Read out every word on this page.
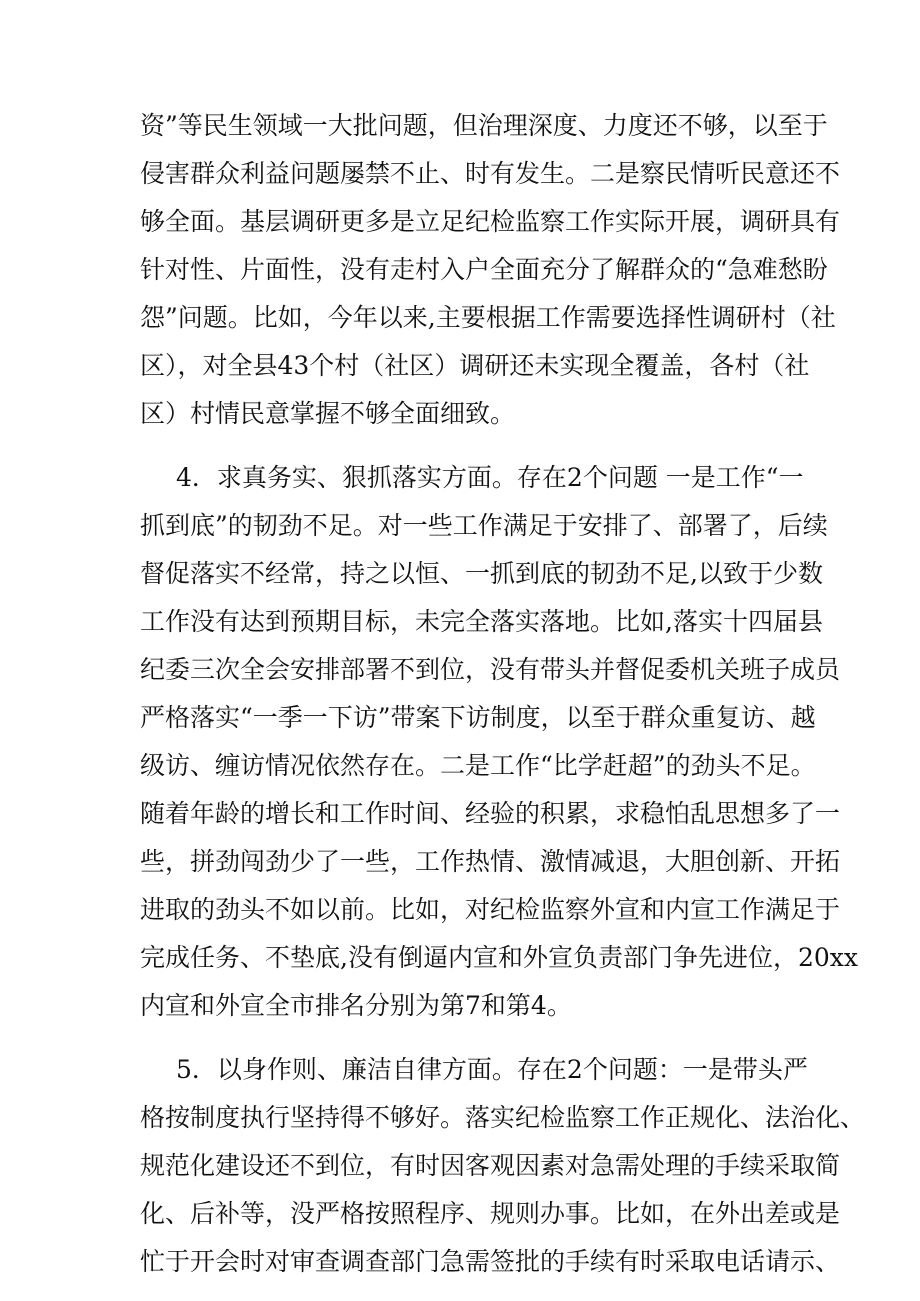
资”等民生领域一大批问题，但治理深度、力度还不够，以至于
侵害群众利益问题屡禁不止、时有发生。二是察民情听民意还不
够全面。基层调研更多是立足纪检监察工作实际开展，调研具有
针对性、片面性，没有走村入户全面充分了解群众的“急难愁盼
怨”问题。比如，今年以来,主要根据工作需要选择性调研村（社
区），对全县43个村（社区）调研还未实现全覆盖，各村（社
区）村情民意掌握不够全面细致。
4．求真务实、狠抓落实方面。存在2个问题 一是工作“一
抓到底”的韧劲不足。对一些工作满足于安排了、部署了，后续
督促落实不经常，持之以恒、一抓到底的韧劲不足,以致于少数
工作没有达到预期目标，未完全落实落地。比如,落实十四届县
纪委三次全会安排部署不到位，没有带头并督促委机关班子成员
严格落实“一季一下访”带案下访制度，以至于群众重复访、越
级访、缠访情况依然存在。二是工作“比学赶超”的劲头不足。
随着年龄的增长和工作时间、经验的积累，求稳怕乱思想多了一
些，拼劲闯劲少了一些，工作热情、激情减退，大胆创新、开拓
进取的劲头不如以前。比如，对纪检监察外宣和内宣工作满足于
完成任务、不垫底,没有倒逼内宣和外宣负责部门争先进位，20xx
内宣和外宣全市排名分别为第7和第4。
5．以身作则、廉洁自律方面。存在2个问题：一是带头严
格按制度执行坚持得不够好。落实纪检监察工作正规化、法治化、
规范化建设还不到位，有时因客观因素对急需处理的手续采取简
化、后补等，没严格按照程序、规则办事。比如，在外出差或是
忙于开会时对审查调查部门急需签批的手续有时采取电话请示、
